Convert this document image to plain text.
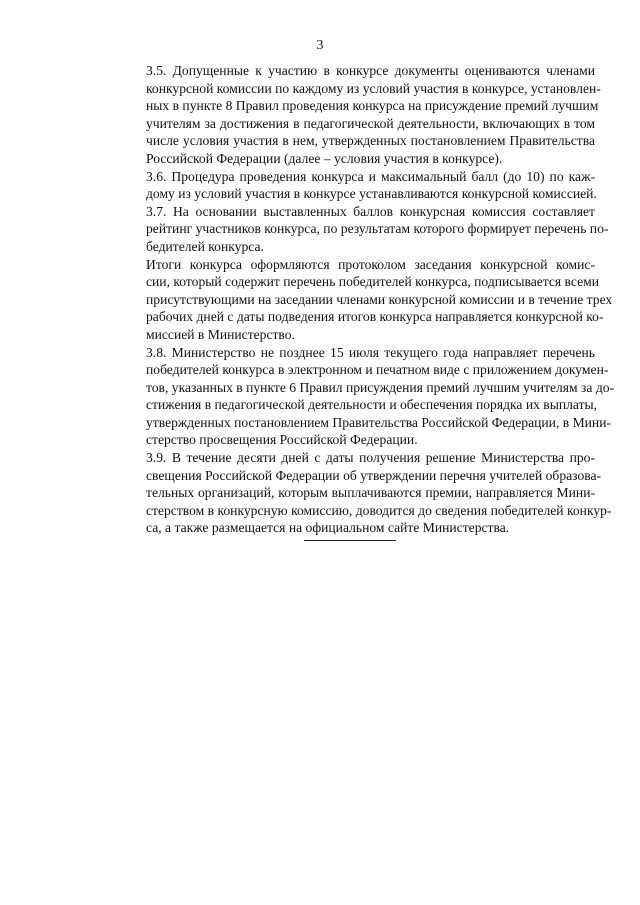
3

3.5. Допущенные к участию в конкурсе документы оцениваются членами
конкурсной комиссии по каждому из условий участия в конкурсе, установлен-
ных в пункте 8 Правил проведения конкурса на присуждение премий лучшим
учителям за достижения в педагогической деятельности, включающих в том
числе условия участия в нем, утвержденных постановлением Правительства
Российской Федерации (далее – условия участия в конкурсе).

3.6. Процедура проведения конкурса и максимальный балл (до 10) по каж-
дому из условий участия в конкурсе устанавливаются конкурсной комиссией.

3.7. На основании выставленных баллов конкурсная комиссия составляет
рейтинг участников конкурса, по результатам которого формирует перечень по-
бедителей конкурса.

Итоги конкурса оформляются протоколом заседания конкурсной комис-
сии, который содержит перечень победителей конкурса, подписывается всеми
присутствующими на заседании членами конкурсной комиссии и в течение трех
рабочих дней с даты подведения итогов конкурса направляется конкурсной ко-
миссией в Министерство.

3.8. Министерство не позднее 15 июля текущего года направляет перечень
победителей конкурса в электронном и печатном виде с приложением докумен-
тов, указанных в пункте 6 Правил присуждения премий лучшим учителям за до-
стижения в педагогической деятельности и обеспечения порядка их выплаты,
утвержденных постановлением Правительства Российской Федерации, в Мини-
стерство просвещения Российской Федерации.

3.9. В течение десяти дней с даты получения решение Министерства про-
свещения Российской Федерации об утверждении перечня учителей образова-
тельных организаций, которым выплачиваются премии, направляется Мини-
стерством в конкурсную комиссию, доводится до сведения победителей конкур-
са, а также размещается на официальном сайте Министерства.
